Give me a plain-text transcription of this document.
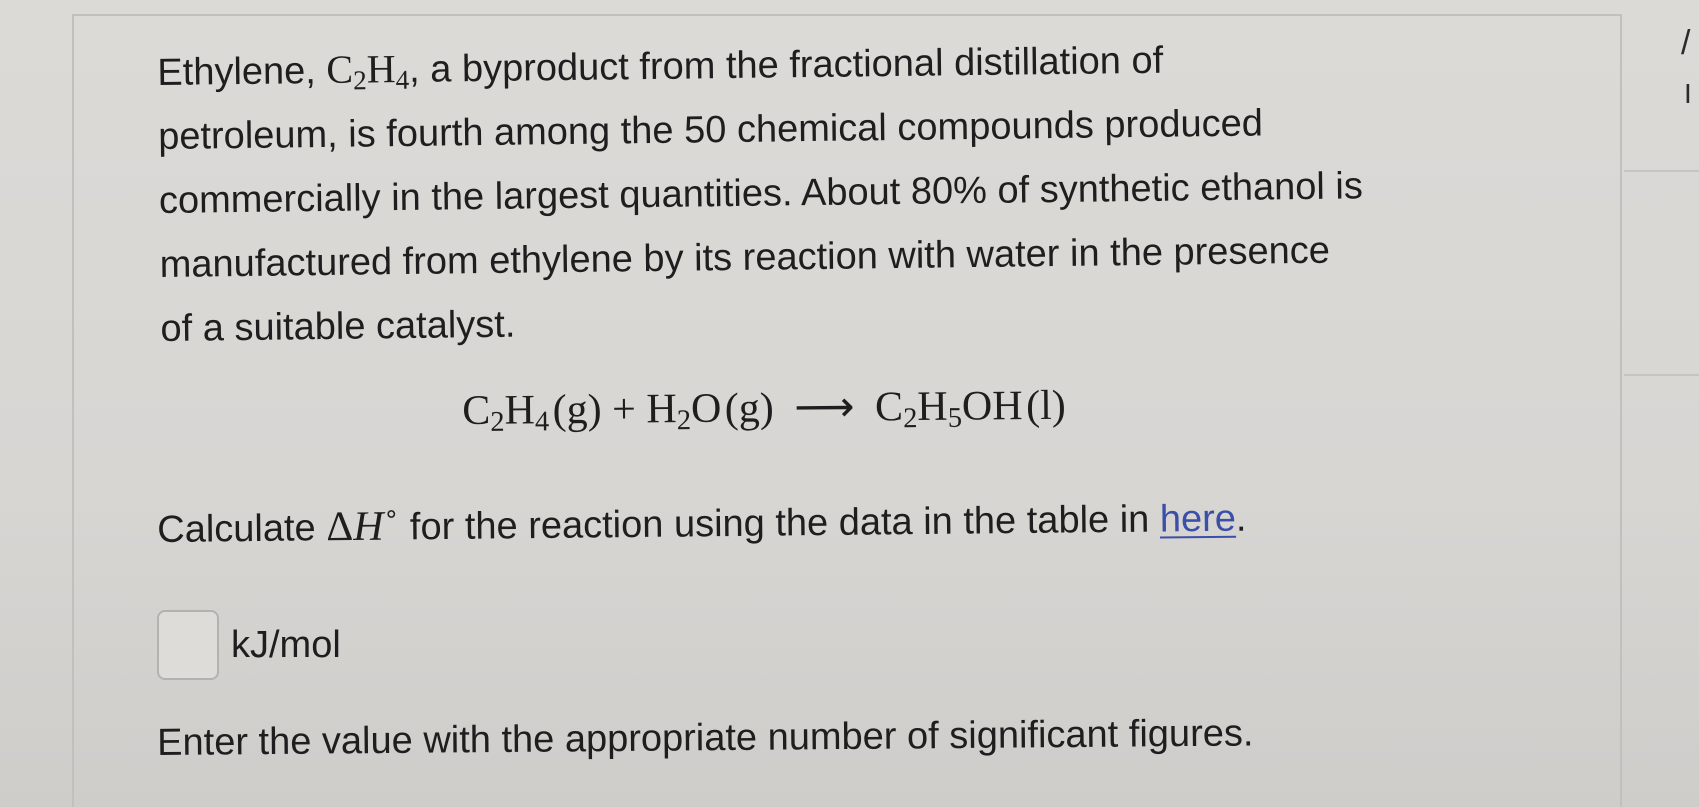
/
I
Ethylene, $C_2H_4$, a byproduct from the fractional distillation of
petroleum, is fourth among the 50 chemical compounds produced
commercially in the largest quantities. About 80% of synthetic ethanol is
manufactured from ethylene by its reaction with water in the presence
of a suitable catalyst.
$C_2H_4$ $(g) + H_2O$ (g) ⟶ $C_2H_5OH$ (l)
Calculate ΔH∘ for the reaction using the data in the table in here.
kJ/mol
Enter the value with the appropriate number of significant figures.
